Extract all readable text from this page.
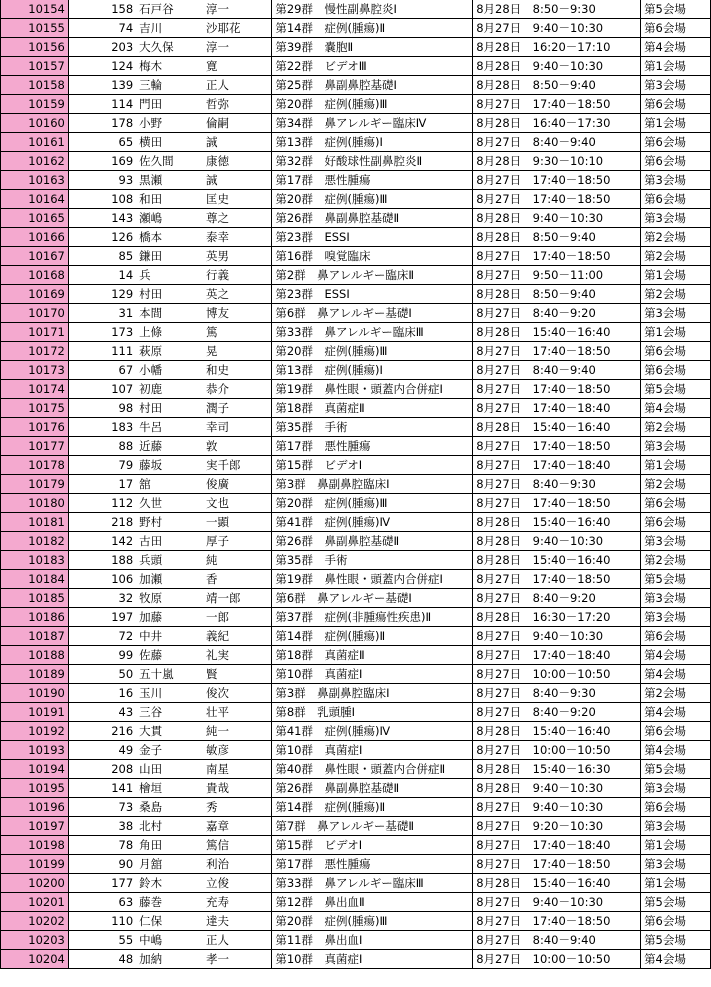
10154	158	石戸谷	淳一		第29群　慢性副鼻腔炎Ⅰ	8月28日　8:50－9:30	第5会場
10155	74	吉川	沙耶花		第14群　症例(腫瘍)Ⅱ	8月27日　9:40－10:30	第6会場
10156	203	大久保	淳一		第39群　嚢胞Ⅱ	8月28日　16:20－17:10	第4会場
10157	124	梅木	寛		第22群　ビデオⅢ	8月28日　9:40－10:30	第1会場
10158	139	三輪	正人		第25群　鼻副鼻腔基礎Ⅰ	8月28日　8:50－9:40	第3会場
10159	114	門田	哲弥		第20群　症例(腫瘍)Ⅲ	8月27日　17:40－18:50	第6会場
10160	178	小野	倫嗣		第34群　鼻アレルギー臨床Ⅳ	8月28日　16:40－17:30	第1会場
10161	65	横田	誠		第13群　症例(腫瘍)Ⅰ	8月27日　8:40－9:40	第6会場
10162	169	佐久間	康徳		第32群　好酸球性副鼻腔炎Ⅱ	8月28日　9:30－10:10	第6会場
10163	93	黒瀬	誠		第17群　悪性腫瘍	8月27日　17:40－18:50	第3会場
10164	108	和田	匡史		第20群　症例(腫瘍)Ⅲ	8月27日　17:40－18:50	第6会場
10165	143	瀬嶋	尊之		第26群　鼻副鼻腔基礎Ⅱ	8月28日　9:40－10:30	第3会場
10166	126	橋本	泰幸		第23群　ESSⅠ	8月28日　8:50－9:40	第2会場
10167	85	鎌田	英男		第16群　嗅覚臨床	8月27日　17:40－18:50	第2会場
10168	14	兵	行義		第2群　鼻アレルギー臨床Ⅱ	8月27日　9:50－11:00	第1会場
10169	129	村田	英之		第23群　ESSⅠ	8月28日　8:50－9:40	第2会場
10170	31	本間	博友		第6群　鼻アレルギー基礎Ⅰ	8月27日　8:40－9:20	第3会場
10171	173	上條	篤		第33群　鼻アレルギー臨床Ⅲ	8月28日　15:40－16:40	第1会場
10172	111	萩原	晃		第20群　症例(腫瘍)Ⅲ	8月27日　17:40－18:50	第6会場
10173	67	小幡	和史		第13群　症例(腫瘍)Ⅰ	8月27日　8:40－9:40	第6会場
10174	107	初鹿	恭介		第19群　鼻性眼・頭蓋内合併症Ⅰ	8月27日　17:40－18:50	第5会場
10175	98	村田	潤子		第18群　真菌症Ⅱ	8月27日　17:40－18:40	第4会場
10176	183	牛呂	幸司		第35群　手術	8月28日　15:40－16:40	第2会場
10177	88	近藤	敦		第17群　悪性腫瘍	8月27日　17:40－18:50	第3会場
10178	79	藤坂	実千郎		第15群　ビデオⅠ	8月27日　17:40－18:40	第1会場
10179	17	舘	俊廣		第3群　鼻副鼻腔臨床Ⅰ	8月27日　8:40－9:30	第2会場
10180	112	久世	文也		第20群　症例(腫瘍)Ⅲ	8月27日　17:40－18:50	第6会場
10181	218	野村	一顕		第41群　症例(腫瘍)Ⅳ	8月28日　15:40－16:40	第6会場
10182	142	古田	厚子		第26群　鼻副鼻腔基礎Ⅱ	8月28日　9:40－10:30	第3会場
10183	188	兵頭	純		第35群　手術	8月28日　15:40－16:40	第2会場
10184	106	加瀬	香		第19群　鼻性眼・頭蓋内合併症Ⅰ	8月27日　17:40－18:50	第5会場
10185	32	牧原	靖一郎		第6群　鼻アレルギー基礎Ⅰ	8月27日　8:40－9:20	第3会場
10186	197	加藤	一郎		第37群　症例(非腫瘍性疾患)Ⅱ	8月28日　16:30－17:20	第3会場
10187	72	中井	義紀		第14群　症例(腫瘍)Ⅱ	8月27日　9:40－10:30	第6会場
10188	99	佐藤	礼実		第18群　真菌症Ⅱ	8月27日　17:40－18:40	第4会場
10189	50	五十嵐	賢		第10群　真菌症Ⅰ	8月27日　10:00－10:50	第4会場
10190	16	玉川	俊次		第3群　鼻副鼻腔臨床Ⅰ	8月27日　8:40－9:30	第2会場
10191	43	三谷	壮平		第8群　乳頭腫Ⅰ	8月27日　8:40－9:20	第4会場
10192	216	大貫	純一		第41群　症例(腫瘍)Ⅳ	8月28日　15:40－16:40	第6会場
10193	49	金子	敏彦		第10群　真菌症Ⅰ	8月27日　10:00－10:50	第4会場
10194	208	山田	南星		第40群　鼻性眼・頭蓋内合併症Ⅱ	8月28日　15:40－16:30	第5会場
10195	141	檜垣	貴哉		第26群　鼻副鼻腔基礎Ⅱ	8月28日　9:40－10:30	第3会場
10196	73	桑島	秀		第14群　症例(腫瘍)Ⅱ	8月27日　9:40－10:30	第6会場
10197	38	北村	嘉章		第7群　鼻アレルギー基礎Ⅱ	8月27日　9:20－10:30	第3会場
10198	78	角田	篤信		第15群　ビデオⅠ	8月27日　17:40－18:40	第1会場
10199	90	月舘	利治		第17群　悪性腫瘍	8月27日　17:40－18:50	第3会場
10200	177	鈴木	立俊		第33群　鼻アレルギー臨床Ⅲ	8月28日　15:40－16:40	第1会場
10201	63	藤巻	充寿		第12群　鼻出血Ⅱ	8月27日　9:40－10:30	第5会場
10202	110	仁保	達夫		第20群　症例(腫瘍)Ⅲ	8月27日　17:40－18:50	第6会場
10203	55	中嶋	正人		第11群　鼻出血Ⅰ	8月27日　8:40－9:40	第5会場
10204	48	加納	孝一		第10群　真菌症Ⅰ	8月27日　10:00－10:50	第4会場
